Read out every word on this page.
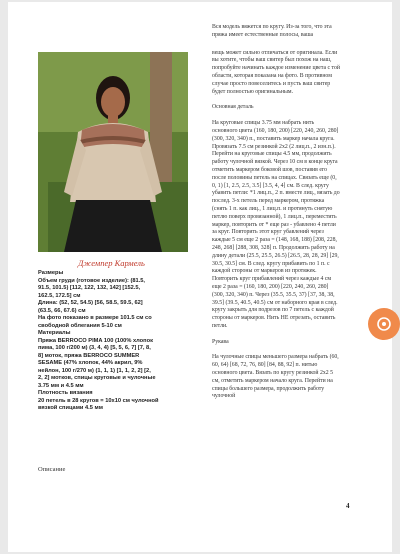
Джемпер Кармель

Размеры

Объем груди (готовое изделие): (81.5,

91.5, 101.5) [112, 122, 132, 142] [152.5,

162.5, 172.5] см

Длина: (52, 52, 54.5) [56, 58.5, 59.5, 62]

(63.5, 66, 67.6) см

На фото показано в размере 101.5 см со

свободной облегания 5-10 см

Материалы

Пряжа BERROCO PIMA 100 (100% хлопок

пима, 100 г/200 м) (3, 4, 4) [5, 5, 6, 7] [7, 8,

8] моток, пряжа BERROCO SUMMER

SESAME (47% хлопок, 44% акрил, 9%

нейлон, 100 г/270 м) (1, 1, 1) [1, 1, 2, 2] [2,

2, 2] мотков, спицы круговые и чулочные

3.75 мм и 4.5 мм

Плотность вязания

20 петель в 28 кругов = 10х10 см чулочной

вязкой спицами 4.5 мм

Описание

Вся модель вяжется по кругу. Из-за того, что эта

пряжа имеет естественные полосы, ваша

вещь может сильно отличаться от оригинала. Если

вы хотите, чтобы ваш свитер был похож на наш,

попробуйте начинать каждое изменение цвета с той

области, которая показана на фото. В противном

случае просто повеселитесь и пусть ваш свитер

будет полностью оригинальным.

Основная деталь

На круговые спицы 3.75 мм набрать нить

основного цвета (160, 180, 200) [220, 240, 260, 280]

(300, 320, 340) п., поставить маркер начала круга.

Провязать 7.5 см резинкой 2х2 (2 лиц.п., 2 изн.п.).

Перейти на круговые спицы 4.5 мм, продолжить

работу чулочной вязкой. Через 10 см в конце круга

отметить маркером боковой шов, поставив его

после половины петель на спицах. Связать еще (0,

0, 1) [1, 2.5, 2.5, 3.5] [3.5, 4, 4] см. В след. кругу

убавить петли: *1 лиц.п., 2 п. вместе лиц., вязать до

послед. 3-х петель перед маркером, протяжка

(снять 1 п. как лиц., 1 лиц.п. и протянуть снятую

петлю поверх провязанной), 1 лиц.п., переместить

маркер, повторить от * еще раз - убавлено 4 петли

за круг. Повторить этот круг убавлений через

каждые 5 см еще 2 раза = (148, 168, 188) [208, 228,

248, 268] [288, 308, 328] п. Продолжить работу на

длину детали (25.5, 25.5, 26.5) [26.5, 28, 28, 29] [29,

30.5, 30.5] см. В след. кругу прибавить по 1 п. с

каждой стороны от маркеров из протяжек.

Повторить круг прибавлений через каждые 4 см

еще 2 раза = (160, 180, 200) [220, 240, 260, 280]

(300, 320, 340) п. Через (35.5, 35.5, 37) [37, 38, 38,

39.5] (39.5, 40.5, 40.5) см от наборного края в след.

кругу закрыть для подрезов по 7 петель с каждой

стороны от маркеров. Нить НЕ отрезать, оставить

петли.

Рукава

На чулочные спицы меньшего размера набрать (60,

60, 64) [68, 72, 76, 80] [84, 88, 92] п. нитью

основного цвета. Вязать по кругу резинкой 2х2 5

см, отметить маркером начало круга. Перейти на

спицы большего размера, продолжить работу

чулочной

4
